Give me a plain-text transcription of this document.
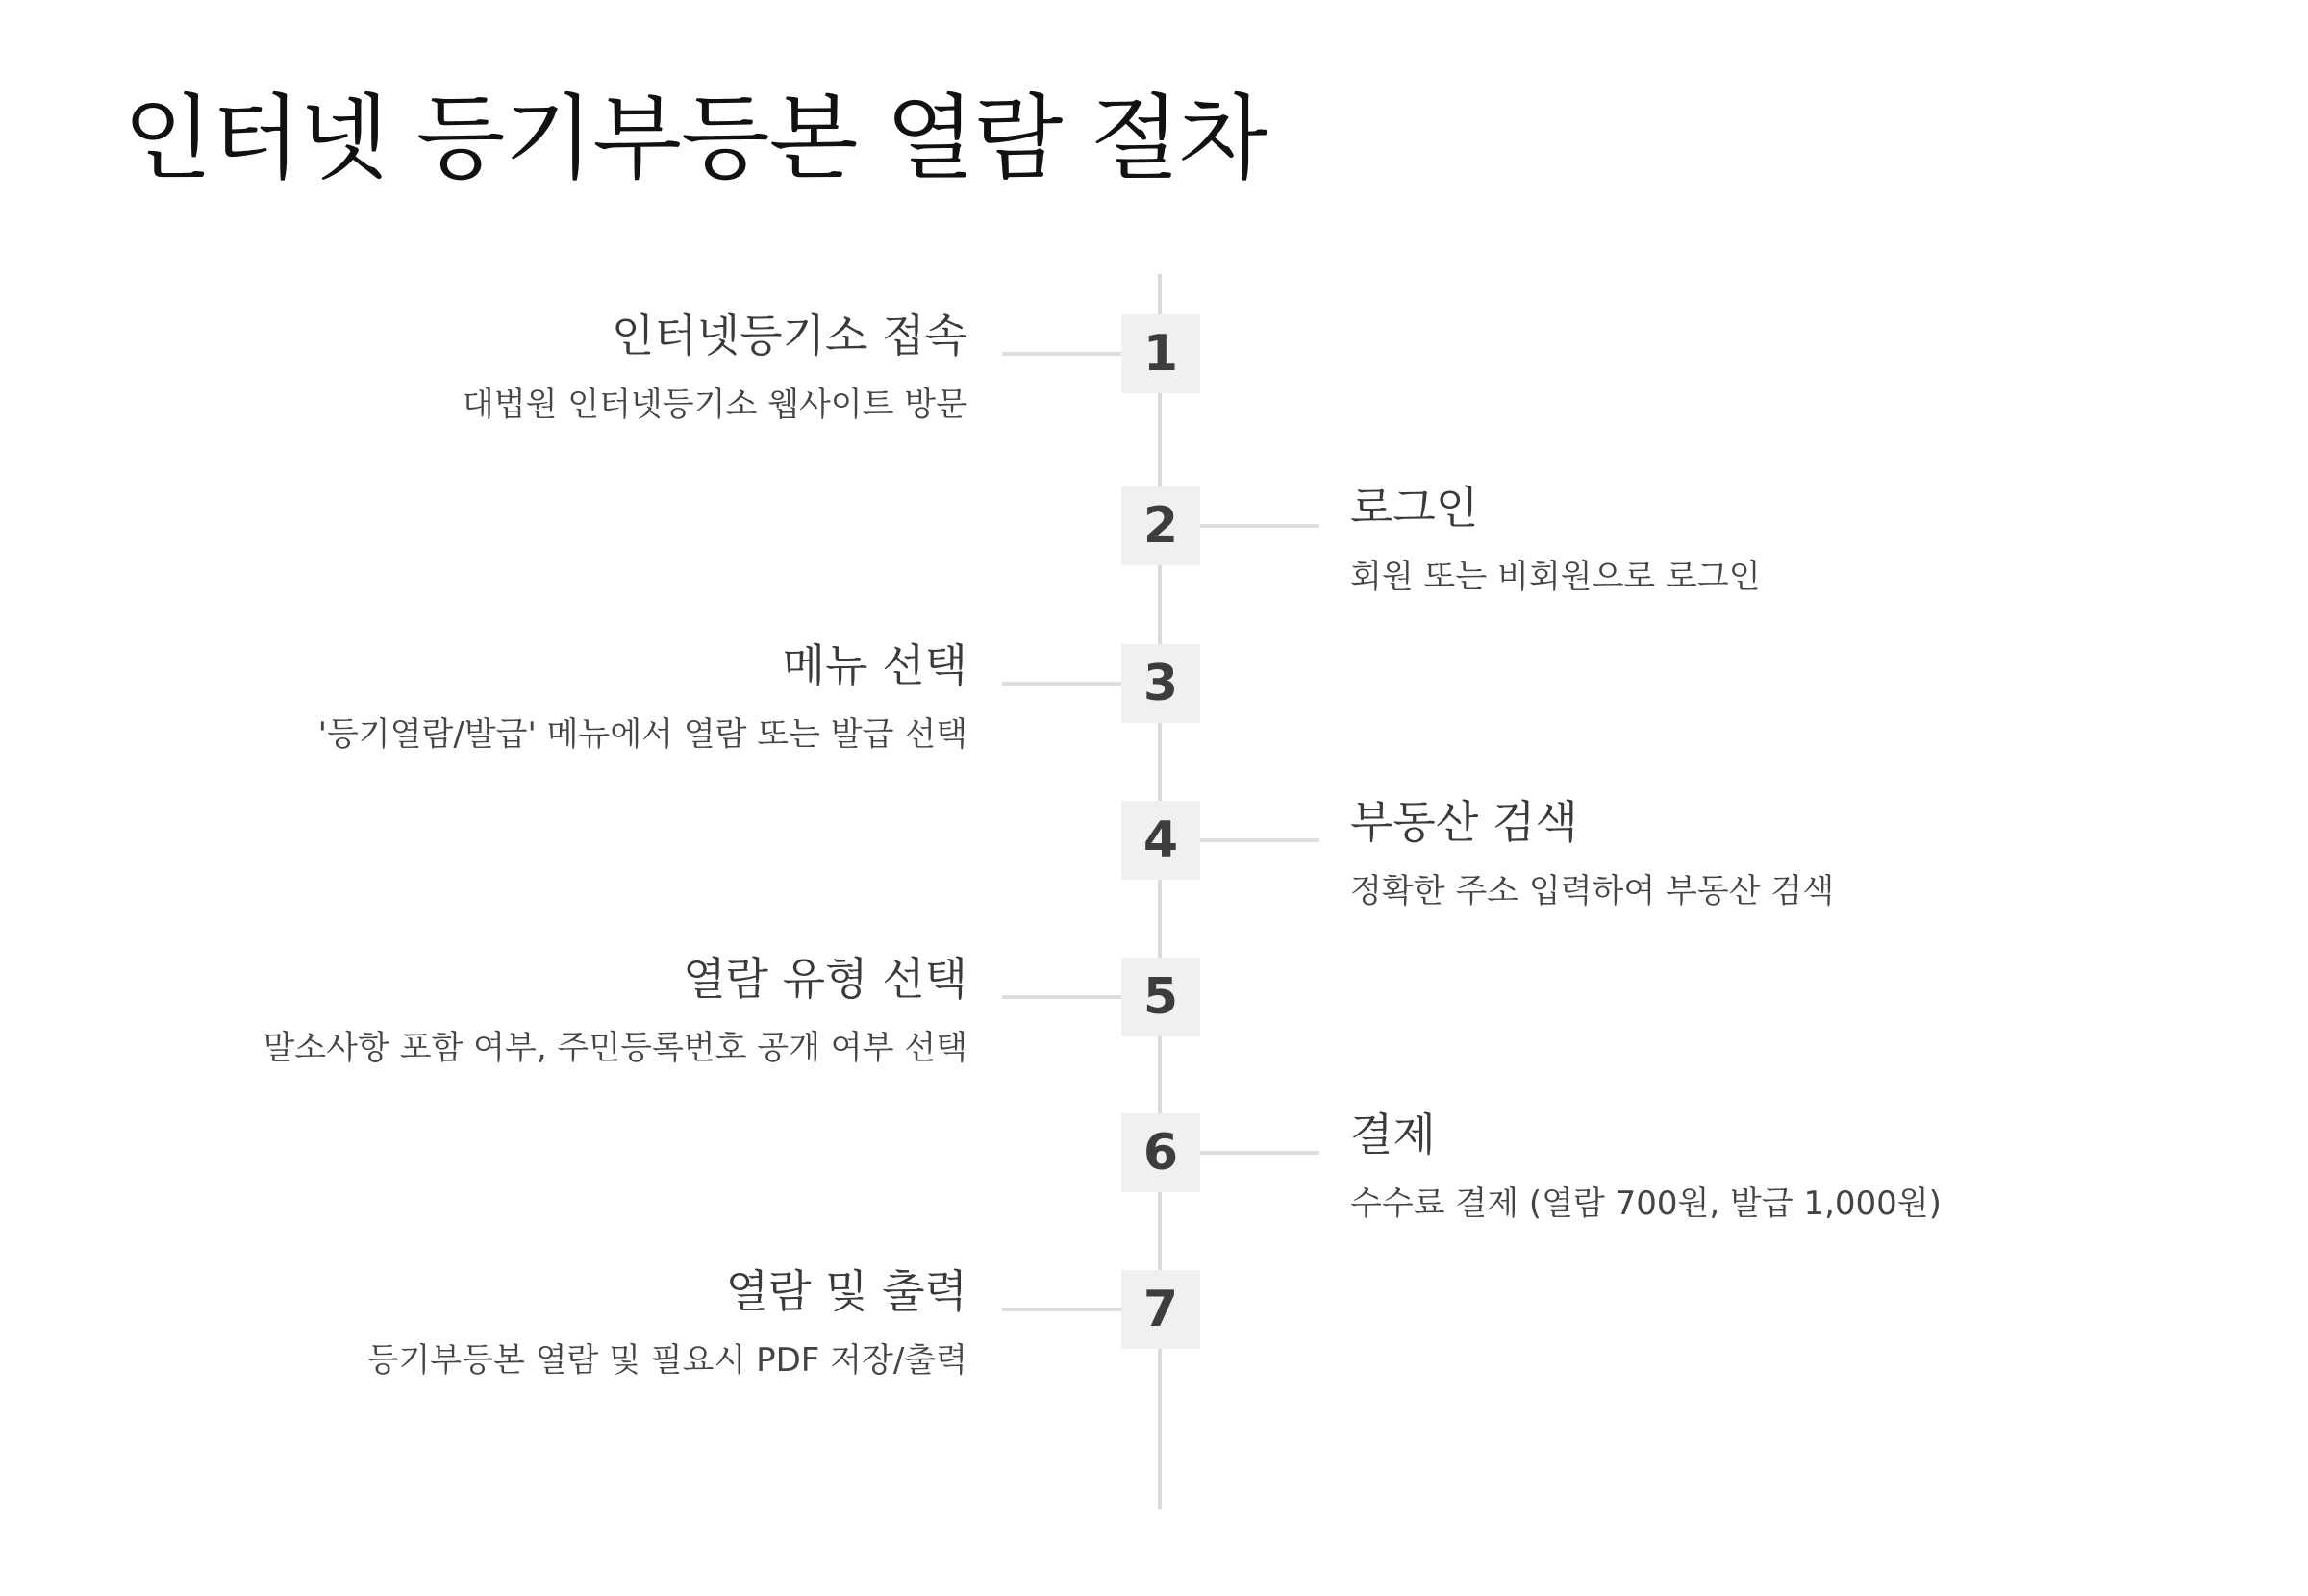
인터넷 등기부등본 열람 절차
인터넷등기소 접속
대법원 인터넷등기소 웹사이트 방문
1
로그인
회원 또는 비회원으로 로그인
2
메뉴 선택
'등기열람/발급' 메뉴에서 열람 또는 발급 선택
3
부동산 검색
정확한 주소 입력하여 부동산 검색
4
열람 유형 선택
말소사항 포함 여부, 주민등록번호 공개 여부 선택
5
결제
수수료 결제 (열람 700원, 발급 1,000원)
6
열람 및 출력
등기부등본 열람 및 필요시 PDF 저장/출력
7
